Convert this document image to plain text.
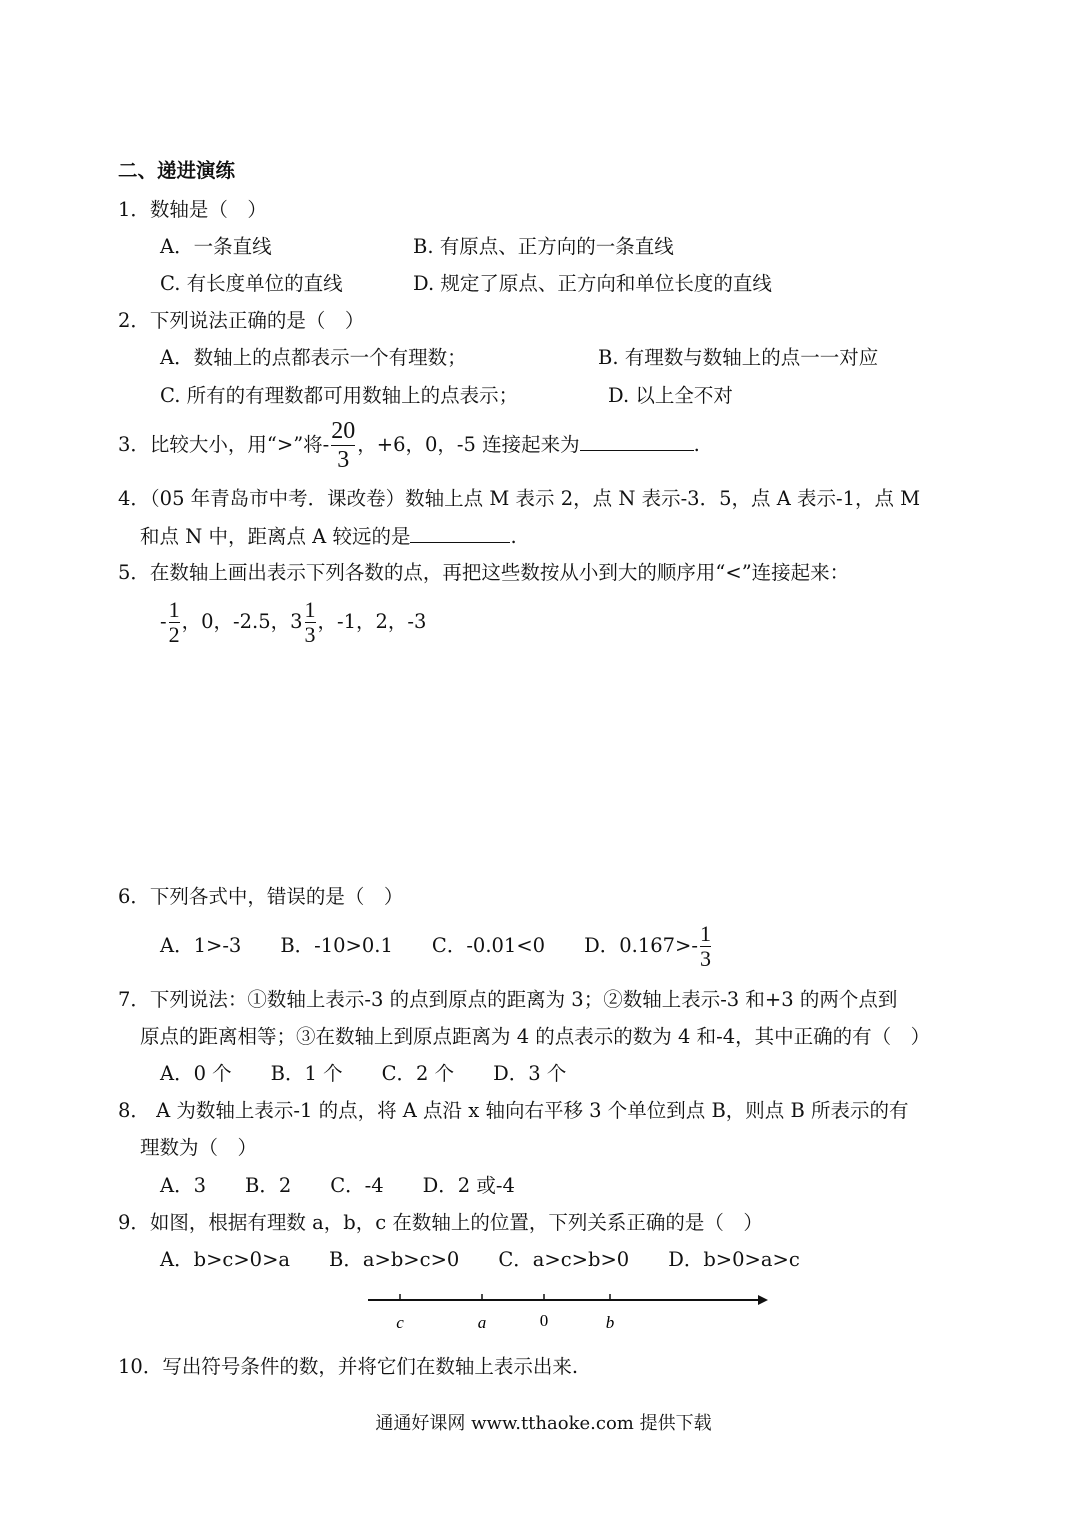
二、递进演练
1．数轴是（　）
A．一条直线	B. 有原点、正方向的一条直线
C. 有长度单位的直线	D. 规定了原点、正方向和单位长度的直线
2．下列说法正确的是（　）
A．数轴上的点都表示一个有理数；	B. 有理数与数轴上的点一一对应
C. 所有的有理数都可用数轴上的点表示；	D. 以上全不对
3．比较大小，用“>”将- $\frac{20}{3}$ ，+6，0，-5 连接起来为	.
4．（05 年青岛市中考．课改卷）数轴上点 M 表示 2，点 N 表示-3．5，点 A 表示-1，点 M
和点 N 中，距离点 A 较远的是	.
5．在数轴上画出表示下列各数的点，再把这些数按从小到大的顺序用“<”连接起来：
- $\frac{1}{2}$ ，0，-2.5，$3 \frac{1}{3}$ ，-1，2，-3
6．下列各式中，错误的是（　）
A．1>-3　　B．-10>0.1　　C．-0.01<0　　D．$0.167>- \frac{1}{3}$
7．下列说法：①数轴上表示-3 的点到原点的距离为 3；②数轴上表示-3 和+3 的两个点到
原点的距离相等；③在数轴上到原点距离为 4 的点表示的数为 4 和-4，其中正确的有（　）
A．0 个　　B．1 个　　C．2 个　　D．3 个
8． A 为数轴上表示-1 的点，将 A 点沿 x 轴向右平移 3 个单位到点 B，则点 B 所表示的有
理数为（　）
A．3　　B．2　　C．-4　　D．2 或-4
9．如图，根据有理数 a，b，c 在数轴上的位置，下列关系正确的是（　）
A．b>c>0>a　　B．a>b>c>0　　C．a>c>b>0　　D．b>0>a>c
c	a	0	b
10．写出符号条件的数，并将它们在数轴上表示出来.
通通好课网 www.tthaoke.com 提供下载
